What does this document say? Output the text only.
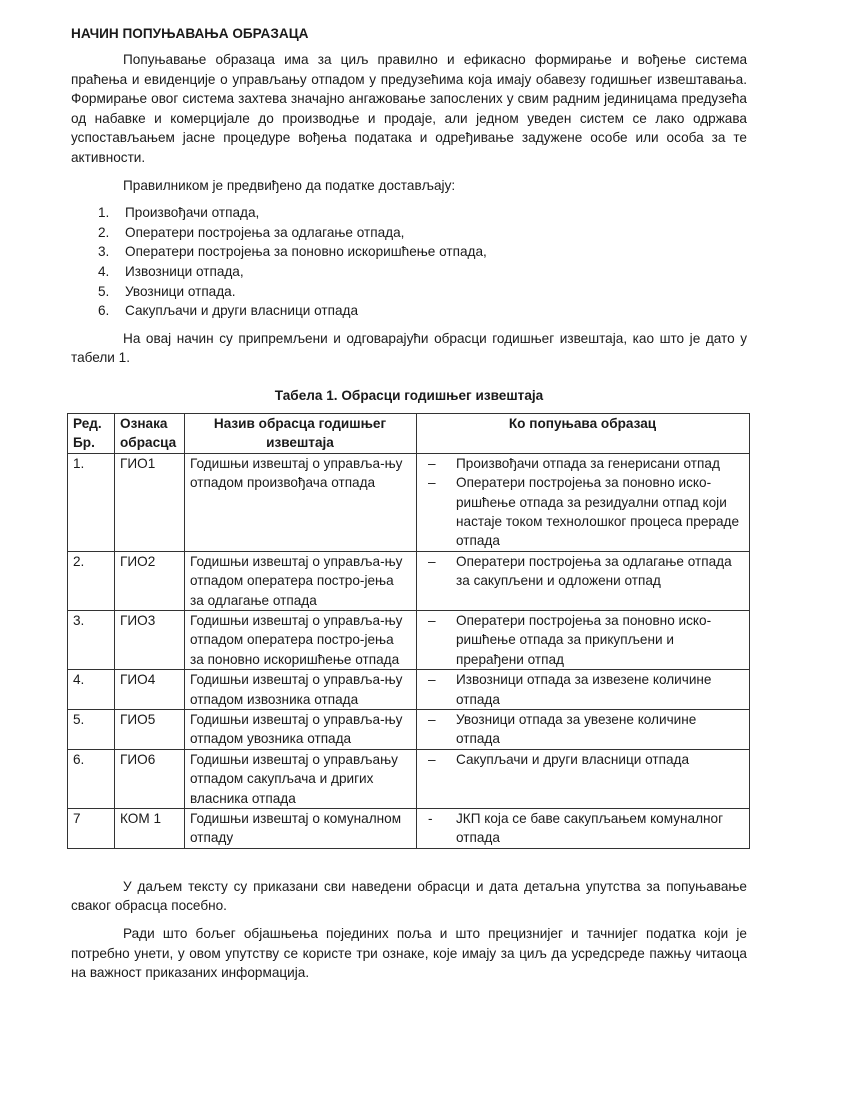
НАЧИН ПОПУЊАВАЊА ОБРАЗАЦА

Попуњавање образаца има за циљ правилно и ефикасно формирање и вођење система праћења и евиденције о управљању отпадом у предузећима која имају обавезу годишњег извештавања. Формирање овог система захтева значајно ангажовање запослених у свим радним јединицама предузећа од набавке и комерцијале до производње и продаје, али једном уведен систем се лако одржава успостављањем јасне процедуре вођења података и одређивање задужене особе или особа за те активности.

Правилником је предвиђено да податке достављају:

1.	Произвођачи отпада,
2.	Оператери постројења за одлагање отпада,
3.	Оператери постројења за поновно искоришћење отпада,
4.	Извозници отпада,
5.	Увозници отпада.
6.	Сакупљачи и други власници отпада

На овај начин су припремљени и одговарајући обрасци годишњег извештаја, као што је дато у табели 1.

Табела 1. Обрасци годишњег извештаја
Ред. Бр.	Ознака обрасца	Назив обрасца годишњег извештаја	Ко попуњава образац
1.	ГИО1	Годишњи извештај о управља-њу отпадом произвођача отпада	– Произвођачи отпада за генерисани отпад
– Оператери постројења за поновно иско-ришћење отпада за резидуални отпад који настаје током технолошког процеса прераде отпада

2.	ГИО2	Годишњи извештај о управља-њу отпадом оператера постро-јења за одлагање отпада	– Оператери постројења за одлагање отпада за сакупљени и одложени отпад

3.	ГИО3	Годишњи извештај о управља-њу отпадом оператера постро-јења за поновно искоришћење отпада	– Оператери постројења за поновно иско-ришћење отпада за прикупљени и прерађени отпад

4.	ГИО4	Годишњи извештај о управља-њу отпадом извозника отпада	– Извозници отпада за извезене количине отпада

5.	ГИО5	Годишњи извештај о управља-њу отпадом увозника отпада	– Увозници отпада за увезене количине отпада

6.	ГИО6	Годишњи извештај о управљању отпадом сакупљача и дригих власника отпада	– Сакупљачи и други власници отпада

7	КОМ 1	Годишњи извештај о комуналном отпаду	- ЈКП која се баве сакупљањем комуналног отпада

У даљем тексту су приказани сви наведени обрасци и дата детаљна упутства за попуњавање сваког обрасца посебно.

Ради што бољег објашњења појединих поља и што прецизнијег и тачнијег податка који је потребно унети, у овом упутству се користе три ознаке, које имају за циљ да усредсреде пажњу читаоца на важност приказаних информација.
